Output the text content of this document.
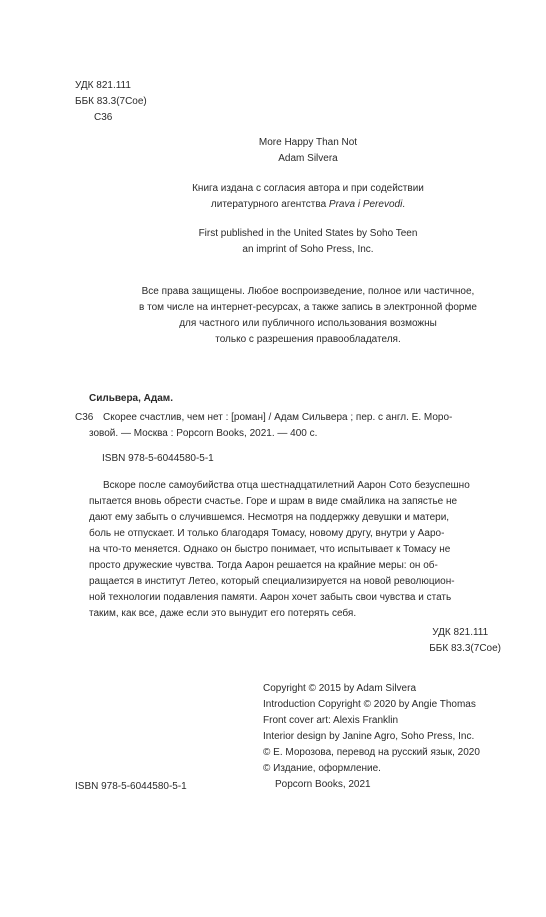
УДК 821.111
ББК 83.3(7Сое)
С36
More Happy Than Not
Adam Silvera
Книга издана с согласия автора и при содействии
литературного агентства Prava i Perevodi.
First published in the United States by Soho Teen
an imprint of Soho Press, Inc.
Все права защищены. Любое воспроизведение, полное или частичное,
в том числе на интернет-ресурсах, а также запись в электронной форме
для частного или публичного использования возможны
только с разрешения правообладателя.
Сильвера, Адам.
С36 Скорее счастлив, чем нет : [роман] / Адам Сильвера ; пер. с англ. Е. Моро-
зовой. — Москва : Popcorn Books, 2021. — 400 с.
ISBN 978-5-6044580-5-1
Вскоре после самоубийства отца шестнадцатилетний Аарон Сото безуспешно
пытается вновь обрести счастье. Горе и шрам в виде смайлика на запястье не
дают ему забыть о случившемся. Несмотря на поддержку девушки и матери,
боль не отпускает. И только благодаря Томасу, новому другу, внутри у Аарo-
на что-то меняется. Однако он быстро понимает, что испытывает к Томасу не
просто дружеские чувства. Тогда Аарон решается на крайние меры: он об-
ращается в институт Летео, который специализируется на новой революцион-
ной технологии подавления памяти. Аарон хочет забыть свои чувства и стать
таким, как все, даже если это вынудит его потерять себя.
УДК 821.111
ББК 83.3(7Сое)
Copyright © 2015 by Adam Silvera
Introduction Copyright © 2020 by Angie Thomas
Front cover art: Alexis Franklin
Interior design by Janine Agro, Soho Press, Inc.
© Е. Морозова, перевод на русский язык, 2020
© Издание, оформление.
Popcorn Books, 2021
ISBN 978-5-6044580-5-1
